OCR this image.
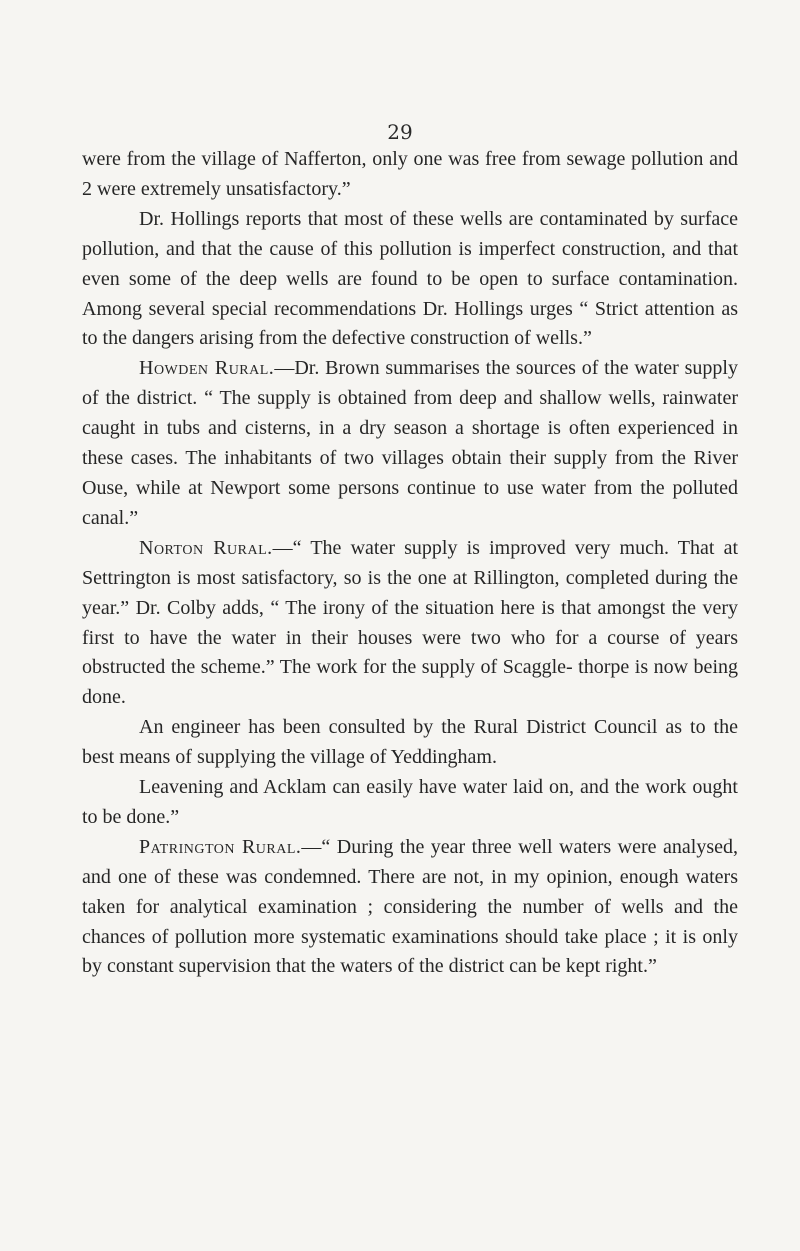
29

were from the village of Nafferton, only one was free from sewage pollution and 2 were extremely unsatisfactory.”

Dr. Hollings reports that most of these wells are contaminated by surface pollution, and that the cause of this pollution is imperfect construction, and that even some of the deep wells are found to be open to surface contamination. Among several special recommendations Dr. Hollings urges “ Strict attention as to the dangers arising from the defective construction of wells.”

Howden Rural.—Dr. Brown summarises the sources of the water supply of the district. “ The supply is obtained from deep and shallow wells, rainwater caught in tubs and cisterns, in a dry season a shortage is often experienced in these cases. The inhabitants of two villages obtain their supply from the River Ouse, while at Newport some persons continue to use water from the polluted canal.”

Norton Rural.—“ The water supply is improved very much. That at Settrington is most satisfactory, so is the one at Rillington, completed during the year.” Dr. Colby adds, “ The irony of the situation here is that amongst the very first to have the water in their houses were two who for a course of years obstructed the scheme.” The work for the supply of Scaggle- thorpe is now being done.

An engineer has been consulted by the Rural District Council as to the best means of supplying the village of Yeddingham.

Leavening and Acklam can easily have water laid on, and the work ought to be done.”

Patrington Rural.—“ During the year three well waters were analysed, and one of these was condemned. There are not, in my opinion, enough waters taken for analytical examination ; considering the number of wells and the chances of pollution more systematic examinations should take place ; it is only by constant supervision that the waters of the district can be kept right.”
